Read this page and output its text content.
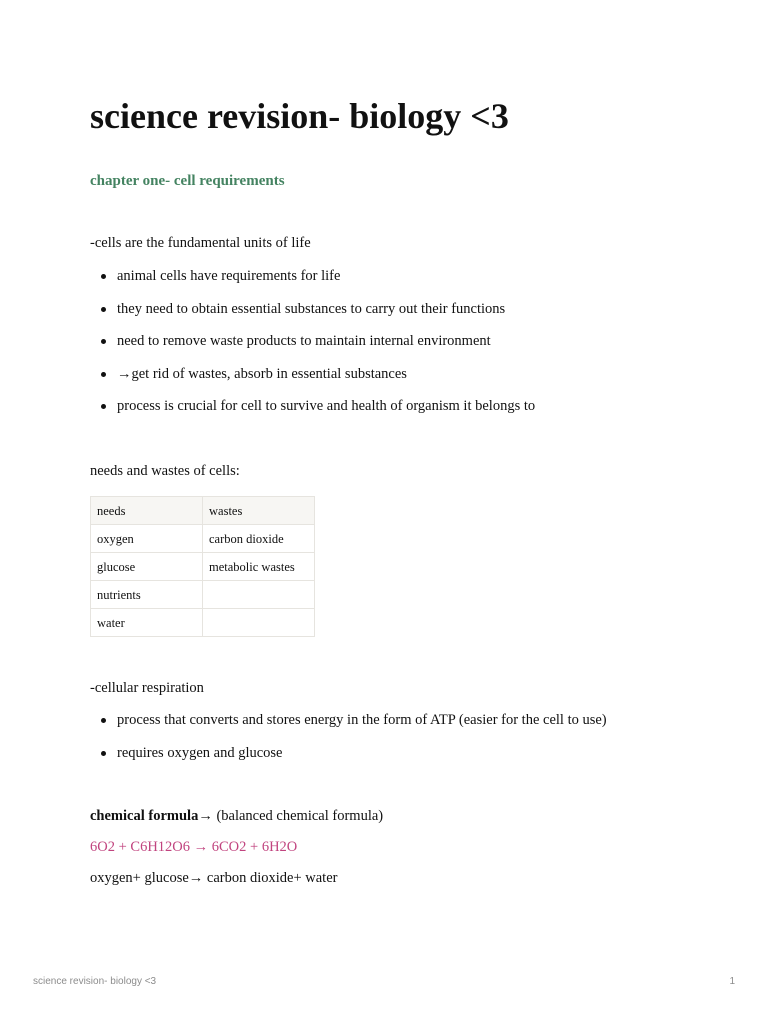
science revision- biology <3
chapter one- cell requirements

-cells are the fundamental units of life

animal cells have requirements for life
they need to obtain essential substances to carry out their functions
need to remove waste products to maintain internal environment
→get rid of wastes, absorb in essential substances
process is crucial for cell to survive and health of organism it belongs to

needs and wastes of cells:

needs	wastes
oxygen	carbon dioxide
glucose	metabolic wastes
nutrients	
water	

-cellular respiration

process that converts and stores energy in the form of ATP (easier for the cell to use)
requires oxygen and glucose

chemical formula→ (balanced chemical formula)

6O2 + C6H12O6 → 6CO2 + 6H2O

oxygen+ glucose→ carbon dioxide+ water

science revision- biology <3	1
